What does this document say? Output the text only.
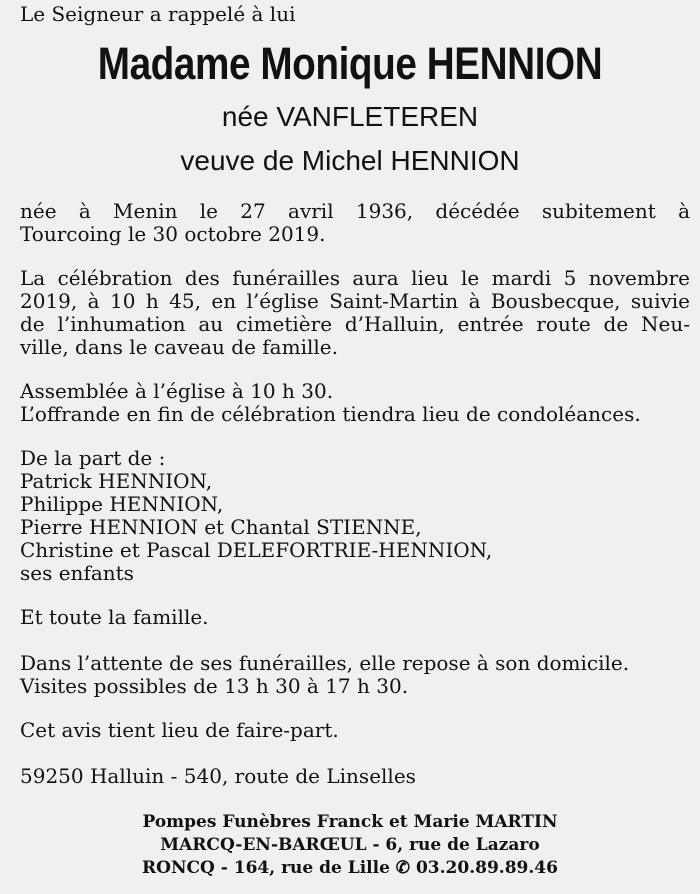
Le Seigneur a rappelé à lui
Madame Monique HENNION
née VANFLETEREN
veuve de Michel HENNION
née à Menin le 27 avril 1936, décédée subitement à
Tourcoing le 30 octobre 2019.
La célébration des funérailles aura lieu le mardi 5 novembre
2019, à 10 h 45, en l’église Saint-Martin à Bousbecque, suivie
de l’inhumation au cimetière d’Halluin, entrée route de Neu-
ville, dans le caveau de famille.
Assemblée à l’église à 10 h 30.
L’offrande en fin de célébration tiendra lieu de condoléances.
De la part de :
Patrick HENNION,
Philippe HENNION,
Pierre HENNION et Chantal STIENNE,
Christine et Pascal DELEFORTRIE-HENNION,
ses enfants
Et toute la famille.
Dans l’attente de ses funérailles, elle repose à son domicile.
Visites possibles de 13 h 30 à 17 h 30.
Cet avis tient lieu de faire-part.
59250 Halluin - 540, route de Linselles
Pompes Funèbres Franck et Marie MARTIN
MARCQ-EN-BARŒUL - 6, rue de Lazaro
RONCQ - 164, rue de Lille ✆ 03.20.89.89.46
